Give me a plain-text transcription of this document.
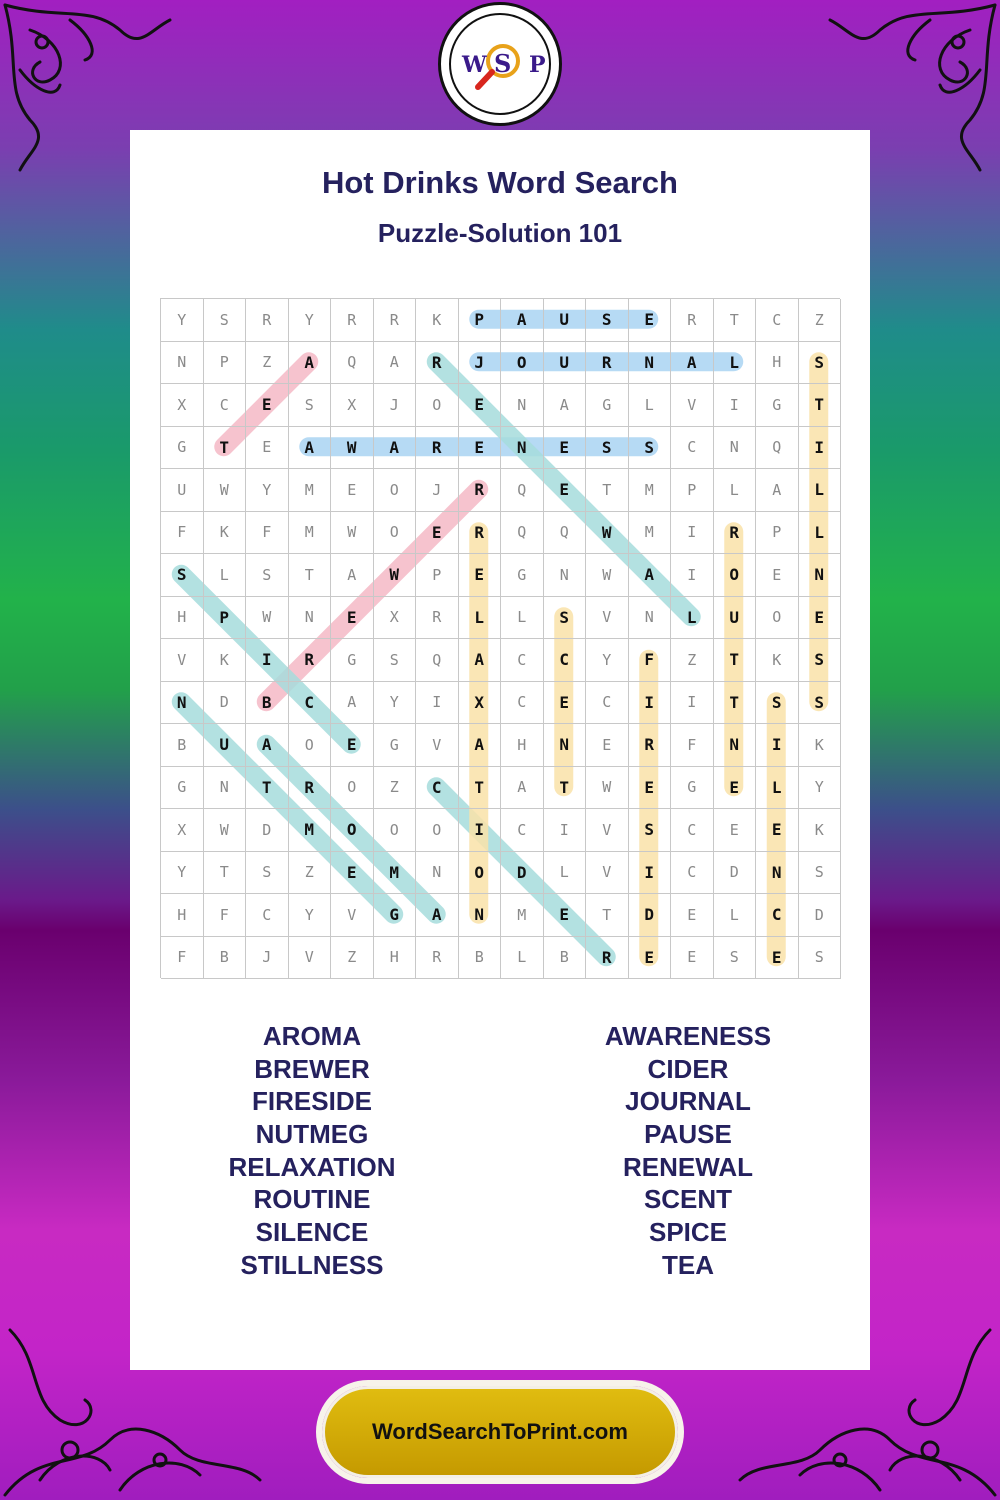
W S P
Hot Drinks Word Search
Puzzle-Solution 101
Y	S	R	Y	R	R	K	P	A	U	S	E	R	T	C	Z
N	P	Z	A	Q	A	R	J	O	U	R	N	A	L	H	S
X	C	E	S	X	J	O	E	N	A	G	L	V	I	G	T
G	T	E	A	W	A	R	E	N	E	S	S	C	N	Q	I
U	W	Y	M	E	O	J	R	Q	E	T	M	P	L	A	L
F	K	F	M	W	O	E	R	Q	Q	W	M	I	R	P	L
S	L	S	T	A	W	P	E	G	N	W	A	I	O	E	N
H	P	W	N	E	X	R	L	L	S	V	N	L	U	O	E
V	K	I	R	G	S	Q	A	C	C	Y	F	Z	T	K	S
N	D	B	C	A	Y	I	X	C	E	C	I	I	T	S	S
B	U	A	O	E	G	V	A	H	N	E	R	F	N	I	K
G	N	T	R	O	Z	C	T	A	T	W	E	G	E	L	Y
X	W	D	M	O	O	O	I	C	I	V	S	C	E	E	K
Y	T	S	Z	E	M	N	O	D	L	V	I	C	D	N	S
H	F	C	Y	V	G	A	N	M	E	T	D	E	L	C	D
F	B	J	V	Z	H	R	B	L	B	R	E	E	S	E	S
AROMA
BREWER
FIRESIDE
NUTMEG
RELAXATION
ROUTINE
SILENCE
STILLNESS
AWARENESS
CIDER
JOURNAL
PAUSE
RENEWAL
SCENT
SPICE
TEA
WordSearchToPrint.com
